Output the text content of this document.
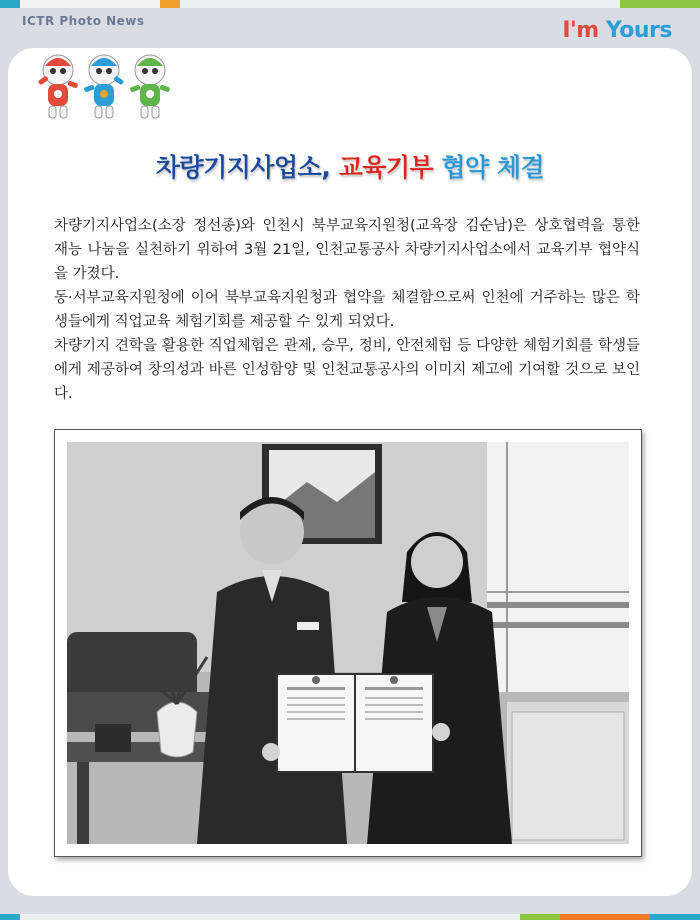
ICTR Photo News	I'm Yours
차량기지사업소, 교육기부 협약 체결

차량기지사업소(소장 정선종)와 인천시 북부교육지원청(교육장 김순남)은 상호협력을 통한 재능 나눔을 실천하기 위하여 3월 21일, 인천교통공사 차량기지사업소에서 교육기부 협약식을 가졌다.

동·서부교육지원청에 이어 북부교육지원청과 협약을 체결함으로써 인천에 거주하는 많은 학생들에게 직업교육 체험기회를 제공할 수 있게 되었다.

차량기지 견학을 활용한 직업체험은 관제, 승무, 정비, 안전체험 등 다양한 체험기회를 학생들에게 제공하여 창의성과 바른 인성함양 및 인천교통공사의 이미지 제고에 기여할 것으로 보인다.
